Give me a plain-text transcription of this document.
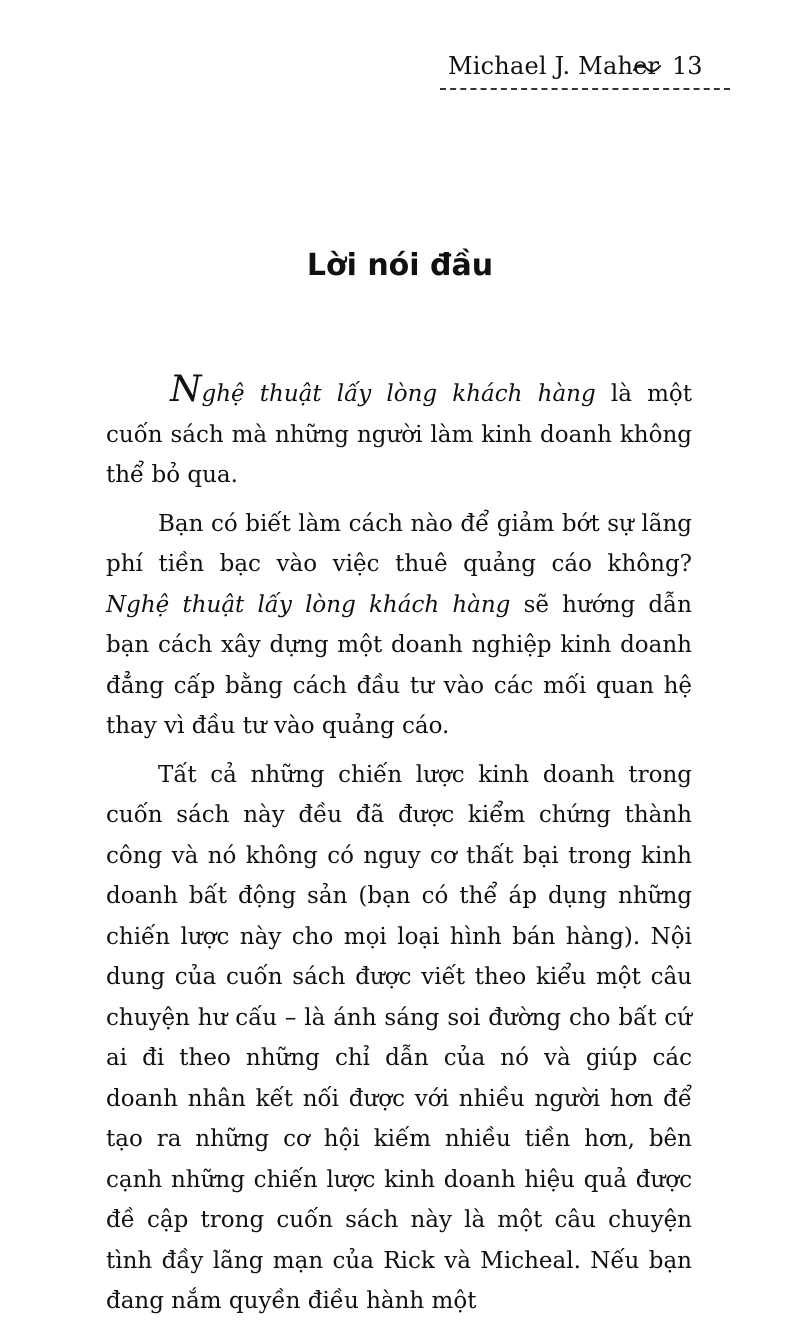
Michael J. Maher 13
Lời nói đầu

Nghệ thuật lấy lòng khách hàng là một cuốn sách mà những người làm kinh doanh không thể bỏ qua.

Bạn có biết làm cách nào để giảm bớt sự lãng phí tiền bạc vào việc thuê quảng cáo không? Nghệ thuật lấy lòng khách hàng sẽ hướng dẫn bạn cách xây dựng một doanh nghiệp kinh doanh đẳng cấp bằng cách đầu tư vào các mối quan hệ thay vì đầu tư vào quảng cáo.

Tất cả những chiến lược kinh doanh trong cuốn sách này đều đã được kiểm chứng thành công và nó không có nguy cơ thất bại trong kinh doanh bất động sản (bạn có thể áp dụng những chiến lược này cho mọi loại hình bán hàng). Nội dung của cuốn sách được viết theo kiểu một câu chuyện hư cấu – là ánh sáng soi đường cho bất cứ ai đi theo những chỉ dẫn của nó và giúp các doanh nhân kết nối được với nhiều người hơn để tạo ra những cơ hội kiếm nhiều tiền hơn, bên cạnh những chiến lược kinh doanh hiệu quả được đề cập trong cuốn sách này là một câu chuyện tình đầy lãng mạn của Rick và Micheal. Nếu bạn đang nắm quyền điều hành một
